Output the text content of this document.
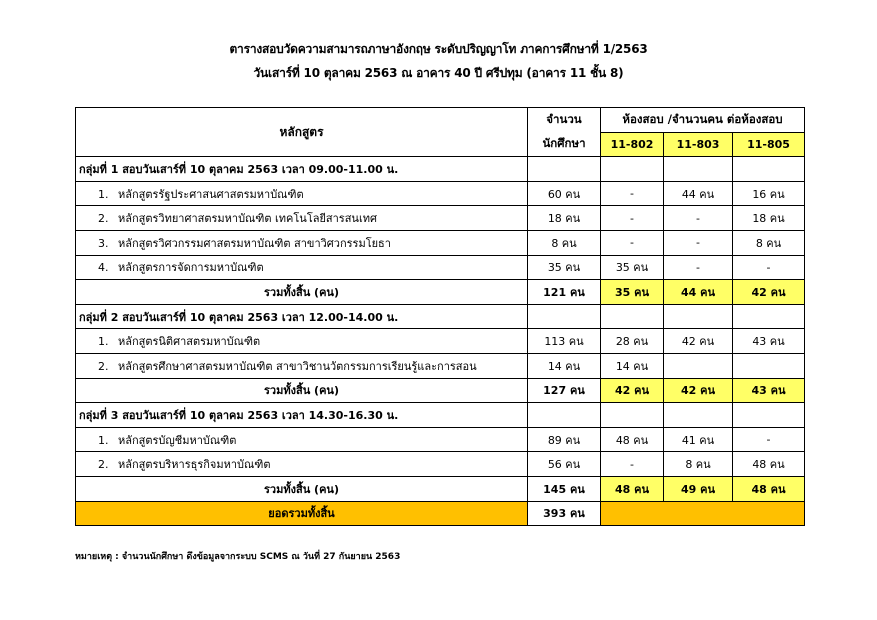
ตารางสอบวัดความสามารถภาษาอังกฤษ ระดับปริญญาโท ภาคการศึกษาที่ 1/2563
วันเสาร์ที่ 10 ตุลาคม 2563 ณ อาคาร 40 ปี ศรีปทุม (อาคาร 11 ชั้น 8)
หลักสูตร	จำนวน	ห้องสอบ /จำนวนคน ต่อห้องสอบ		
	นักศึกษา	11-802	11-803	11-805
กลุ่มที่ 1 สอบวันเสาร์ที่ 10 ตุลาคม 2563 เวลา 09.00-11.00 น.				
1. หลักสูตรรัฐประศาสนศาสตรมหาบัณฑิต	60 คน	-	44 คน	16 คน
2. หลักสูตรวิทยาศาสตรมหาบัณฑิต เทคโนโลยีสารสนเทศ	18 คน	-	-	18 คน
3. หลักสูตรวิศวกรรมศาสตรมหาบัณฑิต สาขาวิศวกรรมโยธา	8 คน	-	-	8 คน
4. หลักสูตรการจัดการมหาบัณฑิต	35 คน	35 คน	-	-
รวมทั้งสิ้น (คน)	121 คน	35 คน	44 คน	42 คน
กลุ่มที่ 2 สอบวันเสาร์ที่ 10 ตุลาคม 2563 เวลา 12.00-14.00 น.				
1. หลักสูตรนิติศาสตรมหาบัณฑิต	113 คน	28 คน	42 คน	43 คน
2. หลักสูตรศึกษาศาสตรมหาบัณฑิต สาขาวิชานวัตกรรมการเรียนรู้และการสอน	14 คน	14 คน		
รวมทั้งสิ้น (คน)	127 คน	42 คน	42 คน	43 คน
กลุ่มที่ 3 สอบวันเสาร์ที่ 10 ตุลาคม 2563 เวลา 14.30-16.30 น.				
1. หลักสูตรบัญชีมหาบัณฑิต	89 คน	48 คน	41 คน	-
2. หลักสูตรบริหารธุรกิจมหาบัณฑิต	56 คน	-	8 คน	48 คน
รวมทั้งสิ้น (คน)	145 คน	48 คน	49 คน	48 คน
ยอดรวมทั้งสิ้น	393 คน			
หมายเหตุ : จำนวนนักศึกษา ดึงข้อมูลจากระบบ SCMS ณ วันที่ 27 กันยายน 2563
